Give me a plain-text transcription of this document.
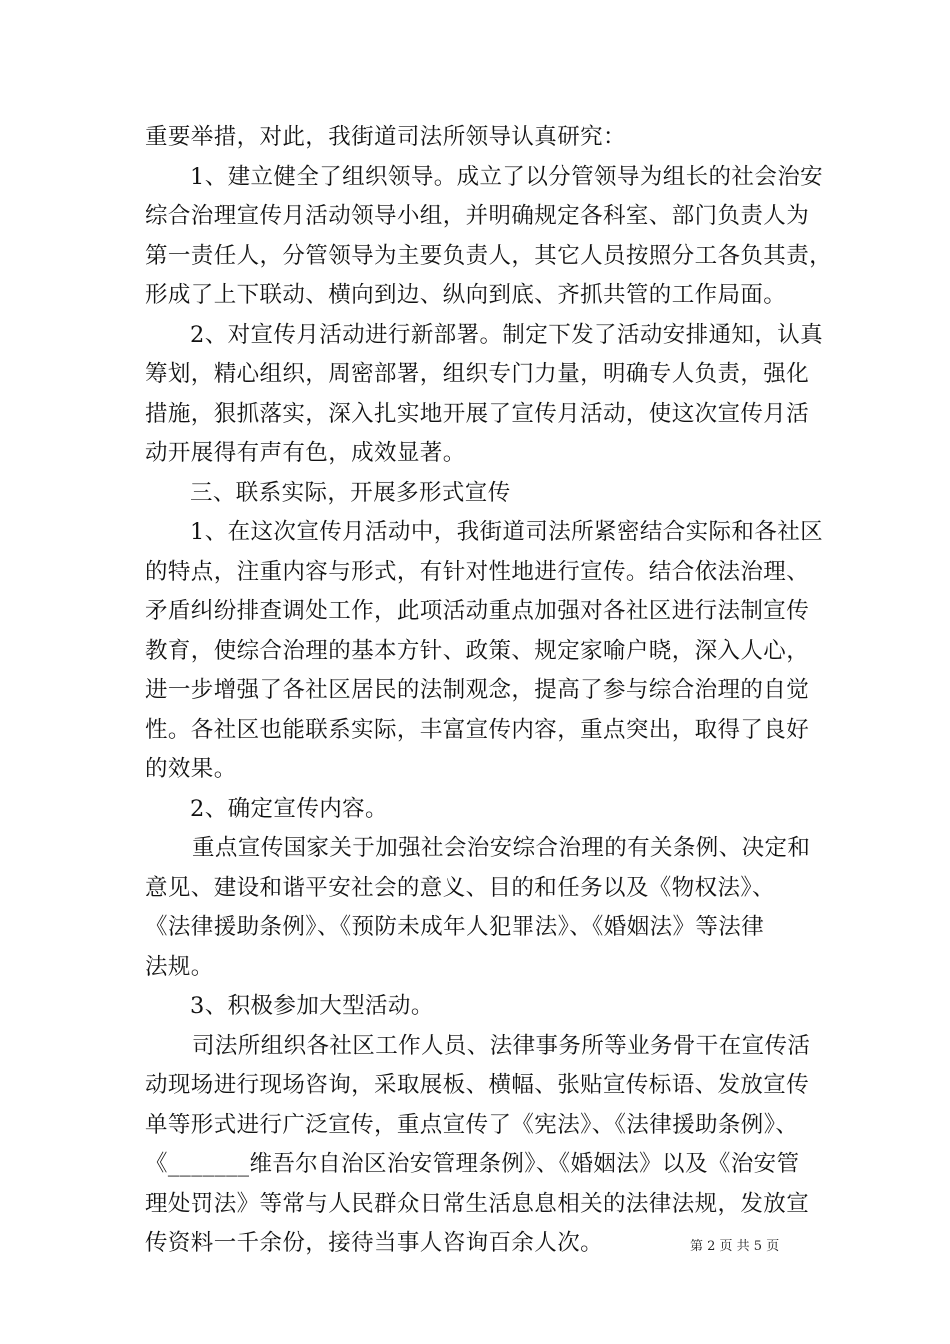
重要举措，对此，我街道司法所领导认真研究：
1、建立健全了组织领导。成立了以分管领导为组长的社会治安
综合治理宣传月活动领导小组，并明确规定各科室、部门负责人为
第一责任人，分管领导为主要负责人，其它人员按照分工各负其责，
形成了上下联动、横向到边、纵向到底、齐抓共管的工作局面。
2、对宣传月活动进行新部署。制定下发了活动安排通知，认真
筹划，精心组织，周密部署，组织专门力量，明确专人负责，强化
措施，狠抓落实，深入扎实地开展了宣传月活动，使这次宣传月活
动开展得有声有色，成效显著。
三、联系实际，开展多形式宣传
1、在这次宣传月活动中，我街道司法所紧密结合实际和各社区
的特点，注重内容与形式，有针对性地进行宣传。结合依法治理、
矛盾纠纷排查调处工作，此项活动重点加强对各社区进行法制宣传
教育，使综合治理的基本方针、政策、规定家喻户晓，深入人心，
进一步增强了各社区居民的法制观念，提高了参与综合治理的自觉
性。各社区也能联系实际，丰富宣传内容，重点突出，取得了良好
的效果。
2、确定宣传内容。
重点宣传国家关于加强社会治安综合治理的有关条例、决定和
意见、建设和谐平安社会的意义、目的和任务以及《物权法》、
《法律援助条例》、《预防未成年人犯罪法》、《婚姻法》等法律
法规。
3、积极参加大型活动。
司法所组织各社区工作人员、法律事务所等业务骨干在宣传活
动现场进行现场咨询，采取展板、横幅、张贴宣传标语、发放宣传
单等形式进行广泛宣传，重点宣传了《宪法》、《法律援助条例》、
《_______维吾尔自治区治安管理条例》、《婚姻法》以及《治安管
理处罚法》等常与人民群众日常生活息息相关的法律法规，发放宣
传资料一千余份，接待当事人咨询百余人次。	第 2 页 共 5 页
